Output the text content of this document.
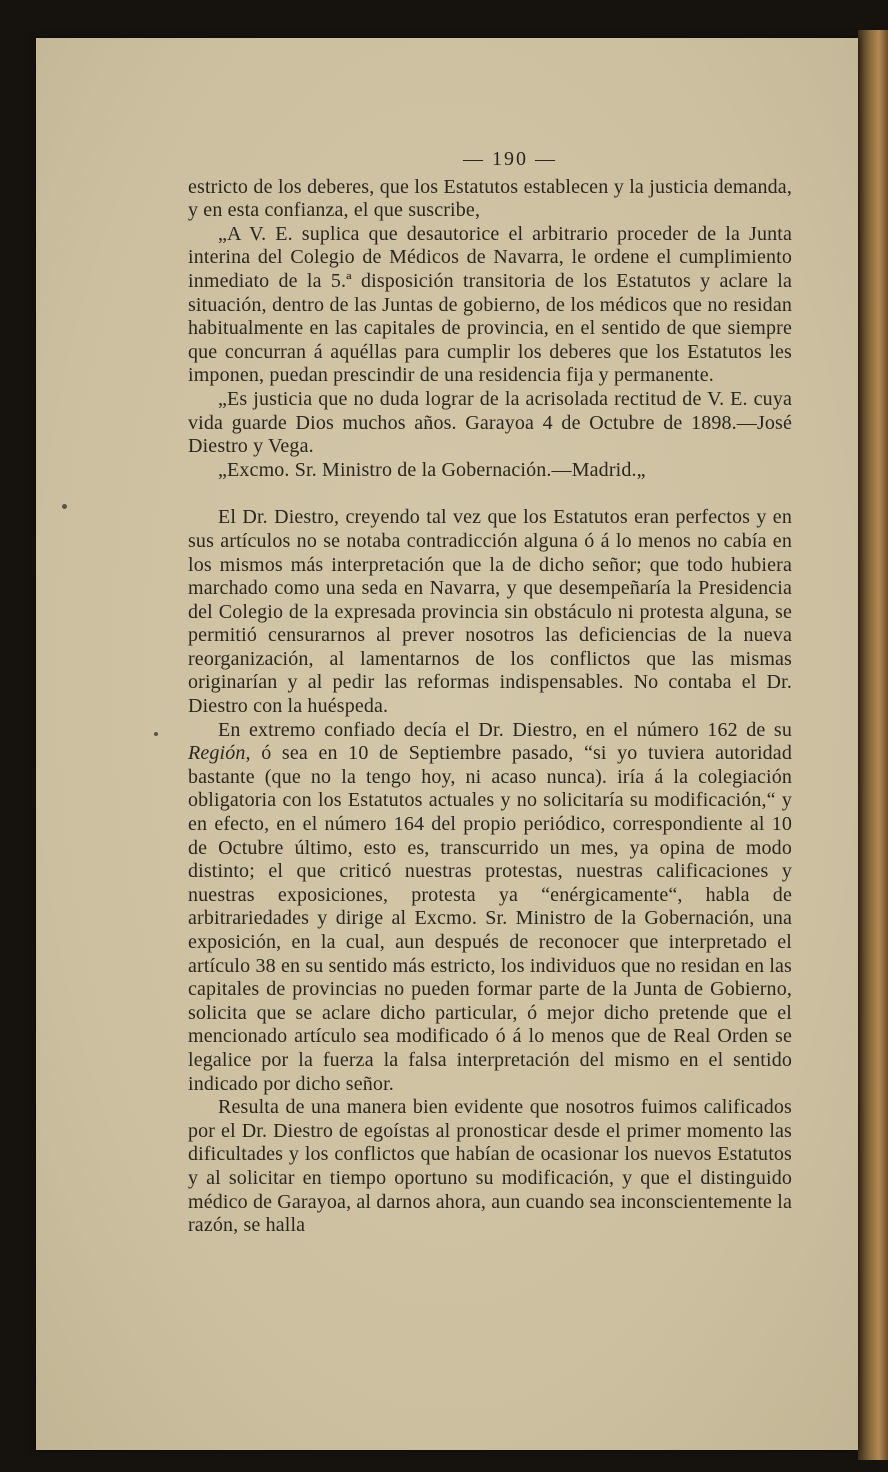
— 190 —

estricto de los deberes, que los Estatutos establecen y la justicia demanda, y en esta confianza, el que suscribe,

„A V. E. suplica que desautorice el arbitrario proceder de la Junta interina del Colegio de Médicos de Navarra, le ordene el cumplimiento inmediato de la 5.ª disposición transitoria de los Estatutos y aclare la situación, dentro de las Juntas de gobierno, de los médicos que no residan habitualmente en las capitales de provincia, en el sentido de que siempre que concurran á aquéllas para cumplir los deberes que los Estatutos les imponen, puedan prescindir de una residencia fija y permanente.

„Es justicia que no duda lograr de la acrisolada rectitud de V. E. cuya vida guarde Dios muchos años. Garayoa 4 de Octubre de 1898.—José Diestro y Vega.

„Excmo. Sr. Ministro de la Gobernación.—Madrid.„

El Dr. Diestro, creyendo tal vez que los Estatutos eran perfectos y en sus artículos no se notaba contradicción alguna ó á lo menos no cabía en los mismos más interpretación que la de dicho señor; que todo hubiera marchado como una seda en Navarra, y que desempeñaría la Presidencia del Colegio de la expresada provincia sin obstáculo ni protesta alguna, se permitió censurarnos al prever nosotros las deficiencias de la nueva reorganización, al lamentarnos de los conflictos que las mismas originarían y al pedir las reformas indispensables. No contaba el Dr. Diestro con la huéspeda.

En extremo confiado decía el Dr. Diestro, en el número 162 de su Región, ó sea en 10 de Septiembre pasado, “si yo tuviera autoridad bastante (que no la tengo hoy, ni acaso nunca). iría á la colegiación obligatoria con los Estatutos actuales y no solicitaría su modificación,“ y en efecto, en el número 164 del propio periódico, correspondiente al 10 de Octubre último, esto es, transcurrido un mes, ya opina de modo distinto; el que criticó nuestras protestas, nuestras calificaciones y nuestras exposiciones, protesta ya “enérgicamente“, habla de arbitrariedades y dirige al Excmo. Sr. Ministro de la Gobernación, una exposición, en la cual, aun después de reconocer que interpretado el artículo 38 en su sentido más estricto, los individuos que no residan en las capitales de provincias no pueden formar parte de la Junta de Gobierno, solicita que se aclare dicho particular, ó mejor dicho pretende que el mencionado artículo sea modificado ó á lo menos que de Real Orden se legalice por la fuerza la falsa interpretación del mismo en el sentido indicado por dicho señor.

Resulta de una manera bien evidente que nosotros fuimos calificados por el Dr. Diestro de egoístas al pronosticar desde el primer momento las dificultades y los conflictos que habían de ocasionar los nuevos Estatutos y al solicitar en tiempo oportuno su modificación, y que el distinguido médico de Garayoa, al darnos ahora, aun cuando sea inconscientemente la razón, se halla
